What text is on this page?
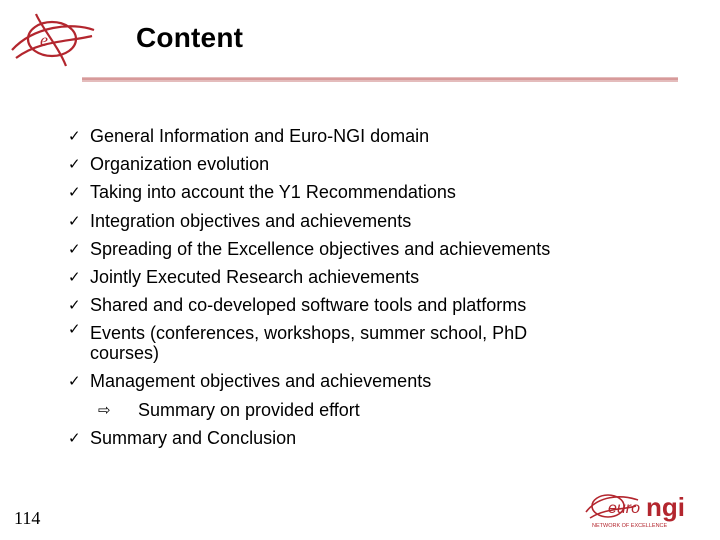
e	Content
✓ General Information and Euro-NGI domain
✓ Organization evolution
✓ Taking into account the Y1 Recommendations
✓ Integration objectives and achievements
✓ Spreading of the Excellence objectives and achievements
✓ Jointly Executed Research achievements
✓ Shared and co-developed software tools and platforms
✓ Events (conferences, workshops, summer school, PhD courses)
✓ Management objectives and achievements
⇨ Summary on provided effort
✓ Summary and Conclusion
114	euro ngi
NETWORK OF EXCELLENCE
